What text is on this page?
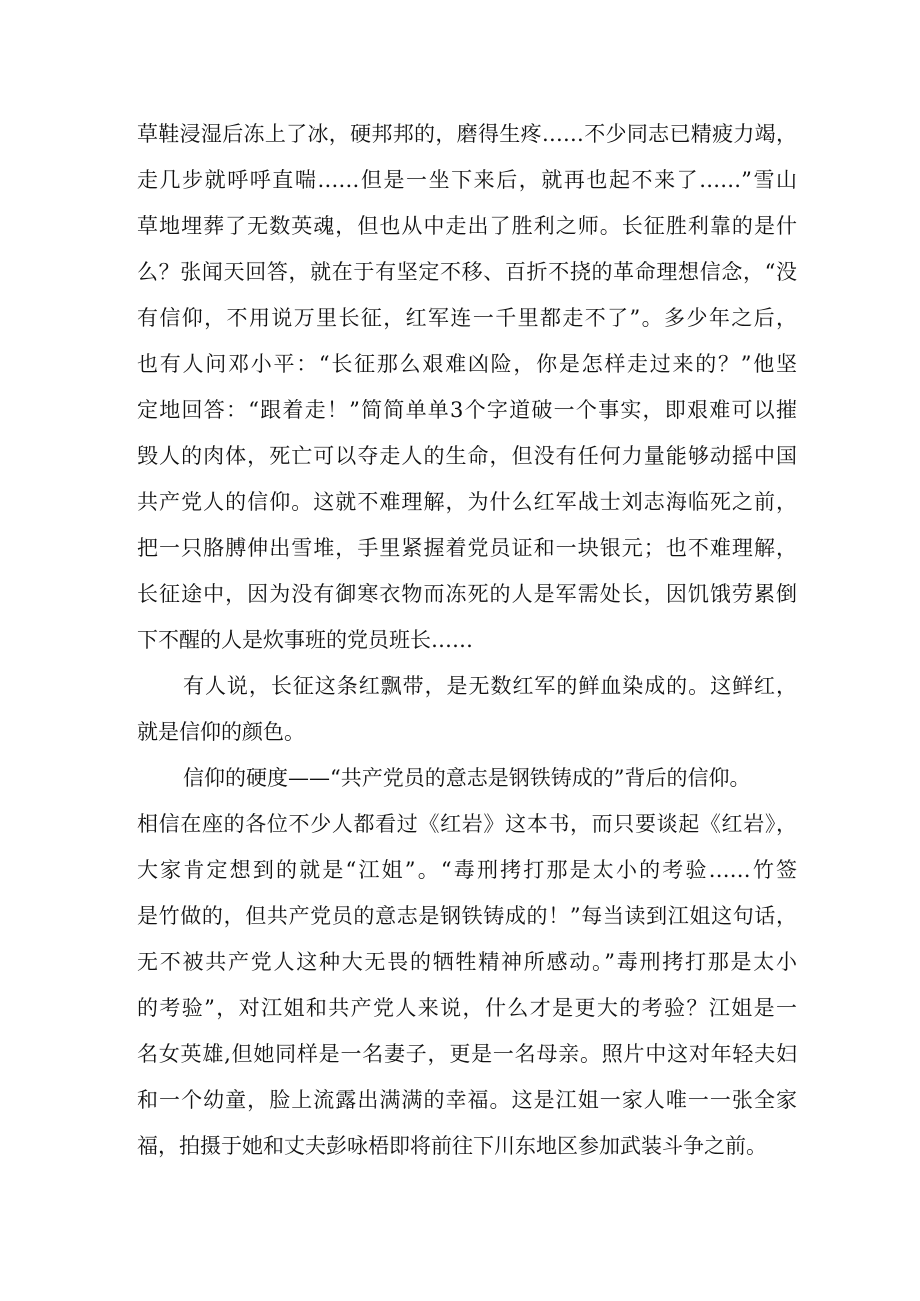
草鞋浸湿后冻上了冰，硬邦邦的，磨得生疼……不少同志已精疲力竭，
走几步就呼呼直喘……但是一坐下来后，就再也起不来了……”雪山
草地埋葬了无数英魂，但也从中走出了胜利之师。长征胜利靠的是什
么？张闻天回答，就在于有坚定不移、百折不挠的革命理想信念，“没
有信仰，不用说万里长征，红军连一千里都走不了”。多少年之后，
也有人问邓小平：“长征那么艰难凶险，你是怎样走过来的？”他坚
定地回答：“跟着走！”简简单单3个字道破一个事实，即艰难可以摧
毁人的肉体，死亡可以夺走人的生命，但没有任何力量能够动摇中国
共产党人的信仰。这就不难理解，为什么红军战士刘志海临死之前，
把一只胳膊伸出雪堆，手里紧握着党员证和一块银元；也不难理解，
长征途中，因为没有御寒衣物而冻死的人是军需处长，因饥饿劳累倒
下不醒的人是炊事班的党员班长……
有人说，长征这条红飘带，是无数红军的鲜血染成的。这鲜红，
就是信仰的颜色。
信仰的硬度——“共产党员的意志是钢铁铸成的”背后的信仰。
相信在座的各位不少人都看过《红岩》这本书，而只要谈起《红岩》，
大家肯定想到的就是“江姐”。“毒刑拷打那是太小的考验……竹签
是竹做的，但共产党员的意志是钢铁铸成的！”每当读到江姐这句话，
无不被共产党人这种大无畏的牺牲精神所感动。”毒刑拷打那是太小
的考验”，对江姐和共产党人来说，什么才是更大的考验？江姐是一
名女英雄,但她同样是一名妻子，更是一名母亲。照片中这对年轻夫妇
和一个幼童，脸上流露出满满的幸福。这是江姐一家人唯一一张全家
福，拍摄于她和丈夫彭咏梧即将前往下川东地区参加武装斗争之前。
